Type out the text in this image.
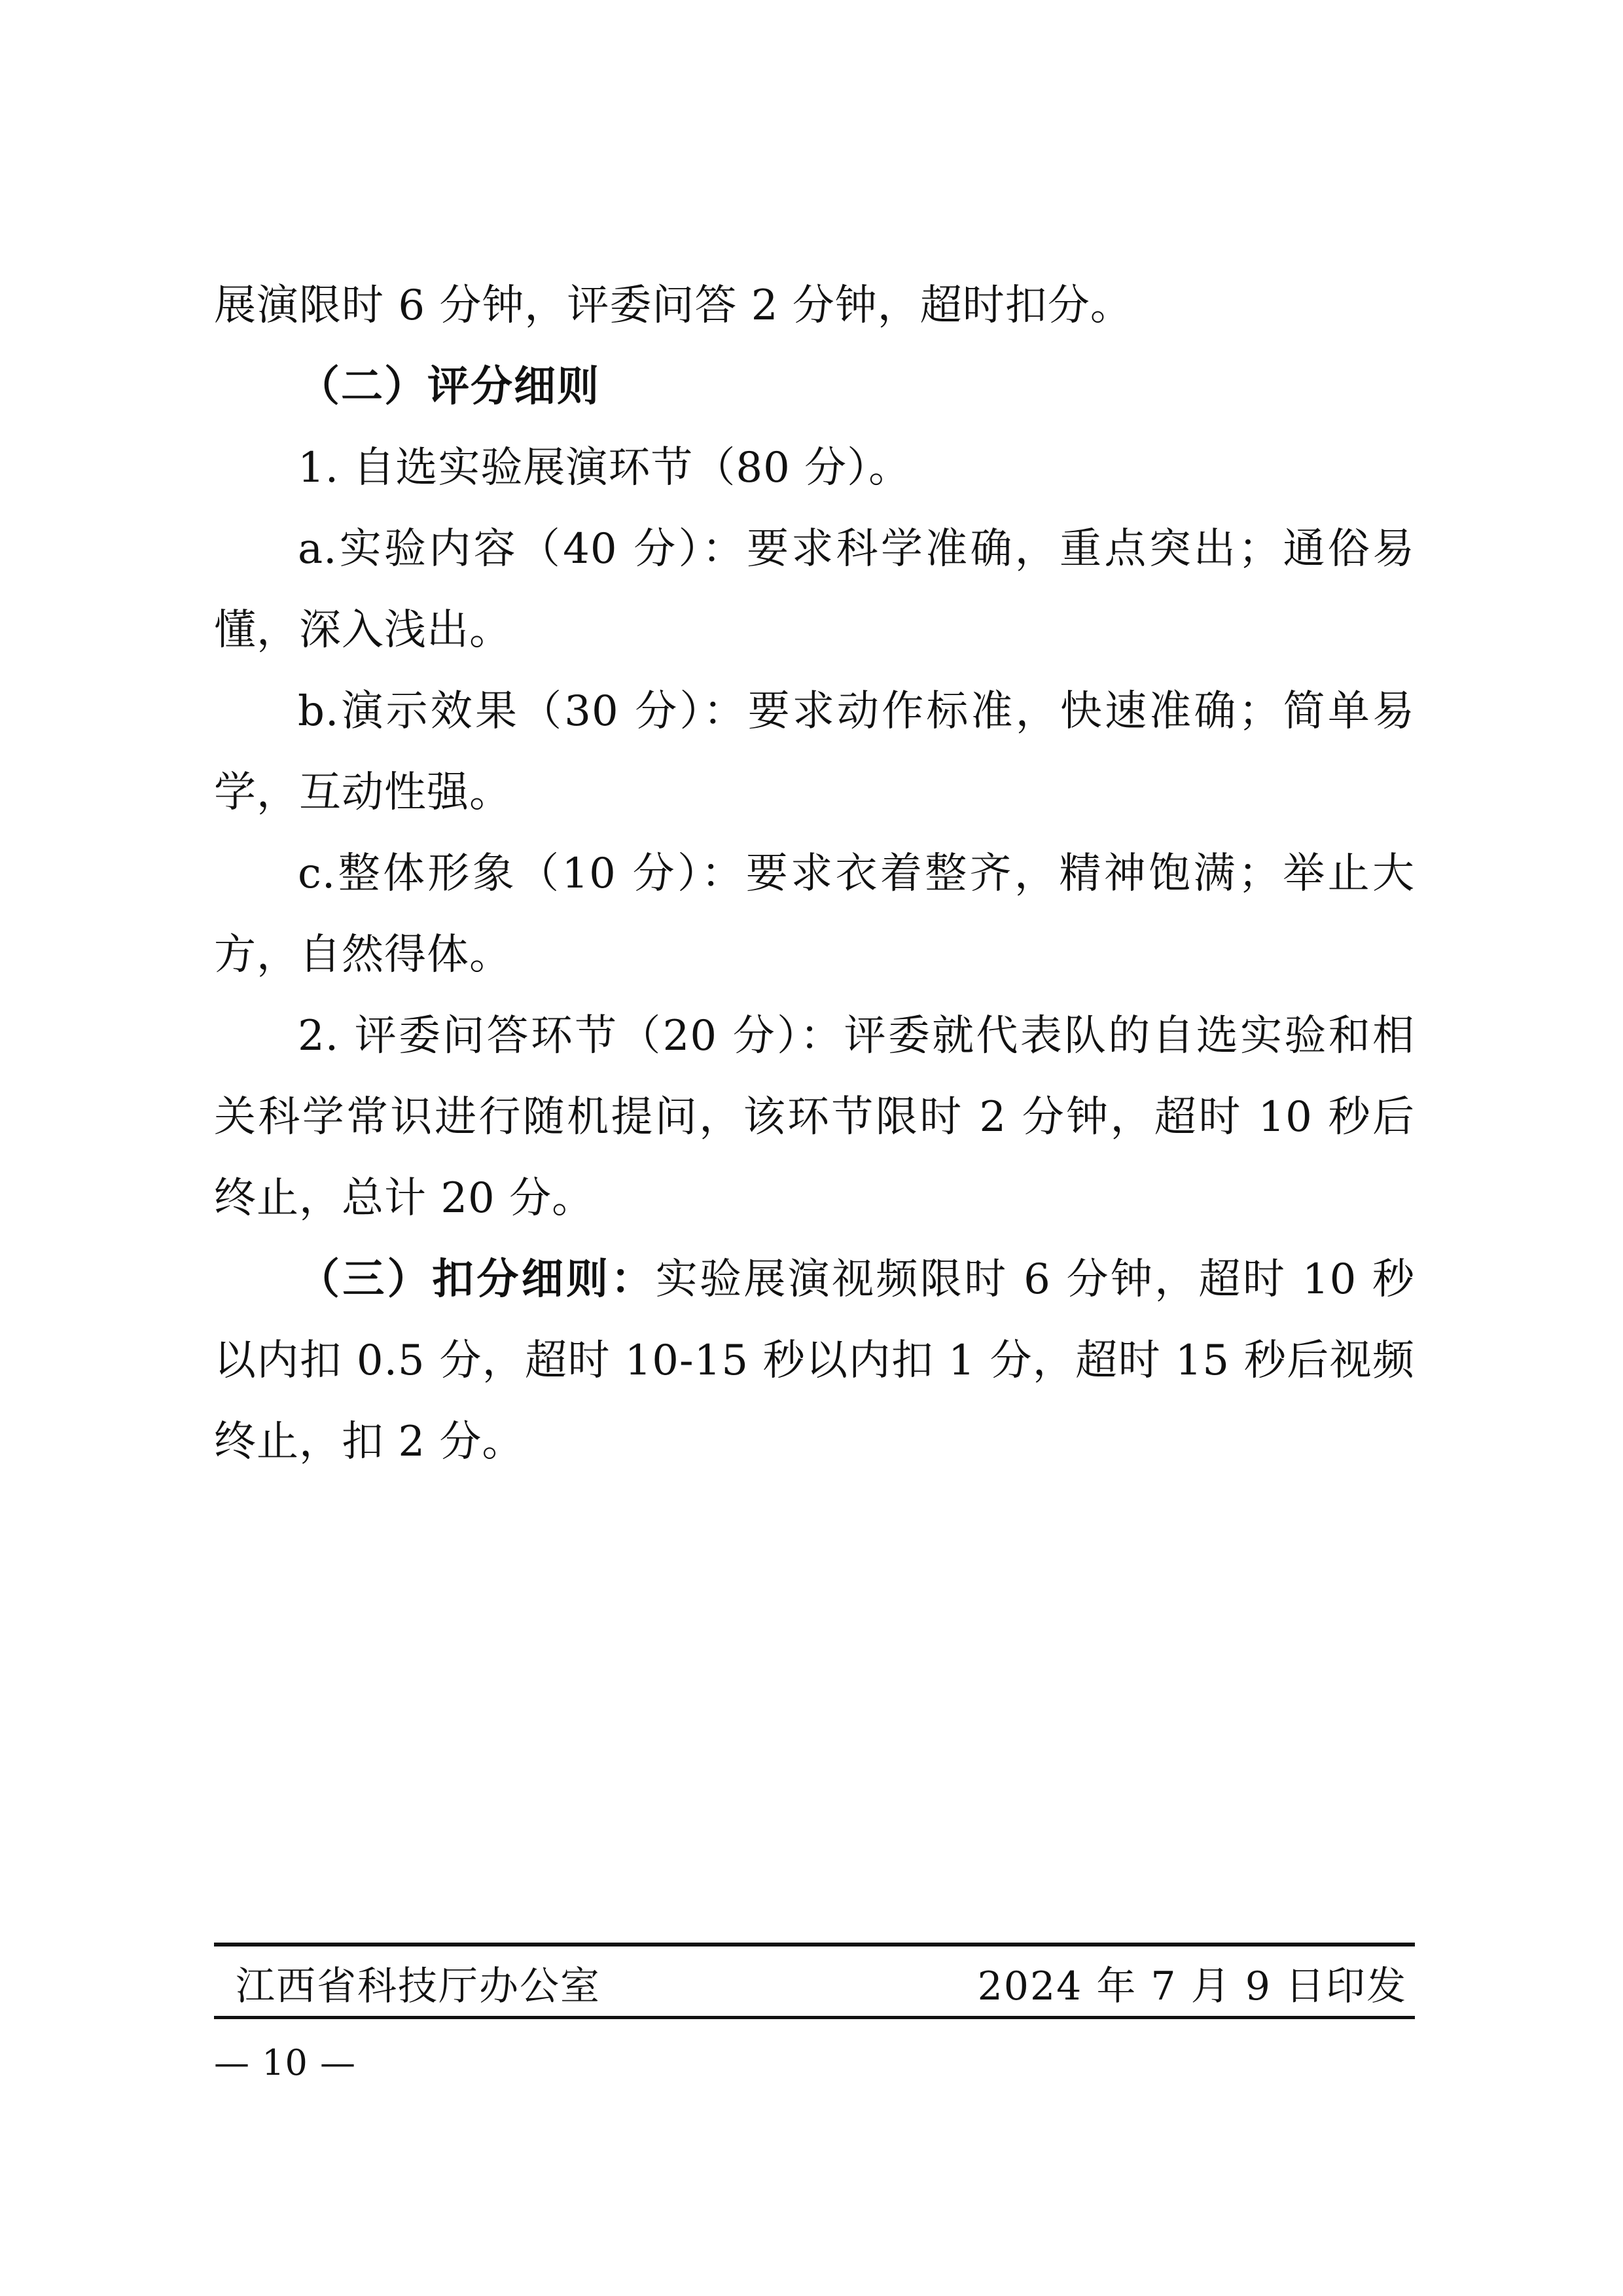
展演限时 6 分钟，评委问答 2 分钟，超时扣分。

（二）评分细则

1. 自选实验展演环节（80 分）。

a.实验内容（40 分）：要求科学准确，重点突出；通俗易懂，深入浅出。

b.演示效果（30 分）：要求动作标准，快速准确；简单易学，互动性强。

c.整体形象（10 分）：要求衣着整齐，精神饱满；举止大方，自然得体。

2. 评委问答环节（20 分）：评委就代表队的自选实验和相关科学常识进行随机提问，该环节限时 2 分钟，超时 10 秒后终止，总计 20 分。

（三）扣分细则：实验展演视频限时 6 分钟，超时 10 秒以内扣 0.5 分，超时 10-15 秒以内扣 1 分，超时 15 秒后视频终止，扣 2 分。

江西省科技厅办公室	2024 年 7 月 9 日印发
— 10 —
